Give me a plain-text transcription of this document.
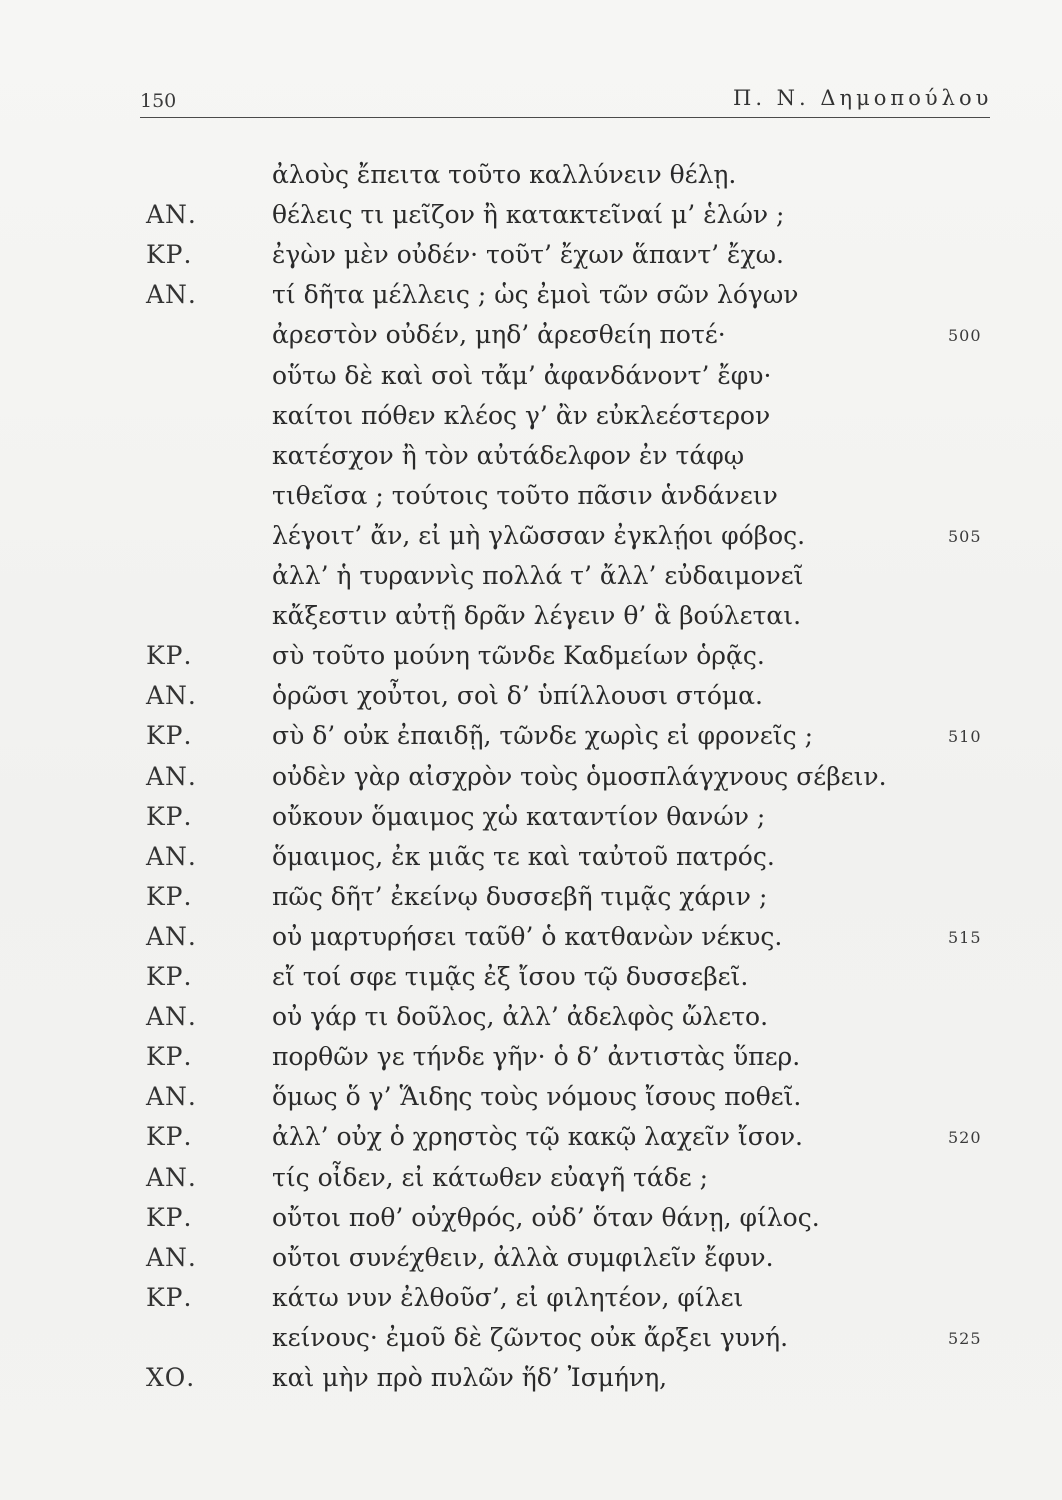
150	Π. Ν. Δημοπούλου
ἀλοὺς ἔπειτα τοῦτο καλλύνειν θέλῃ.
ΑΝ.	θέλεις τι μεῖζον ἢ κατακτεῖναί μ’ ἑλών ;
ΚΡ.	ἐγὼν μὲν οὐδέν· τοῦτ’ ἔχων ἅπαντ’ ἔχω.
ΑΝ.	τί δῆτα μέλλεις ; ὡς ἐμοὶ τῶν σῶν λόγων
ἀρεστὸν οὐδέν, μηδ’ ἀρεσθείη ποτέ·	500
οὕτω δὲ καὶ σοὶ τἄμ’ ἀφανδάνοντ’ ἔφυ·
καίτοι πόθεν κλέος γ’ ἂν εὐκλεέστερον
κατέσχον ἢ τὸν αὐτάδελφον ἐν τάφῳ
τιθεῖσα ; τούτοις τοῦτο πᾶσιν ἁνδάνειν
λέγοιτ’ ἄν, εἰ μὴ γλῶσσαν ἐγκλῄοι φόβος.	505
ἀλλ’ ἡ τυραννὶς πολλά τ’ ἄλλ’ εὐδαιμονεῖ
κἄξεστιν αὐτῇ δρᾶν λέγειν θ’ ἃ βούλεται.
ΚΡ.	σὺ τοῦτο μούνη τῶνδε Καδμείων ὁρᾷς.
ΑΝ.	ὁρῶσι χοὖτοι, σοὶ δ’ ὑπίλλουσι στόμα.
ΚΡ.	σὺ δ’ οὐκ ἐπαιδῇ, τῶνδε χωρὶς εἰ φρονεῖς ;	510
ΑΝ.	οὐδὲν γὰρ αἰσχρὸν τοὺς ὁμοσπλάγχνους σέβειν.
ΚΡ.	οὔκουν ὅμαιμος χὡ καταντίον θανών ;
ΑΝ.	ὅμαιμος, ἐκ μιᾶς τε καὶ ταὐτοῦ πατρός.
ΚΡ.	πῶς δῆτ’ ἐκείνῳ δυσσεβῆ τιμᾷς χάριν ;
ΑΝ.	οὐ μαρτυρήσει ταῦθ’ ὁ κατθανὼν νέκυς.	515
ΚΡ.	εἴ τοί σφε τιμᾷς ἐξ ἴσου τῷ δυσσεβεῖ.
ΑΝ.	οὐ γάρ τι δοῦλος, ἀλλ’ ἀδελφὸς ὤλετο.
ΚΡ.	πορθῶν γε τήνδε γῆν· ὁ δ’ ἀντιστὰς ὕπερ.
ΑΝ.	ὅμως ὅ γ’ Ἅιδης τοὺς νόμους ἴσους ποθεῖ.
ΚΡ.	ἀλλ’ οὐχ ὁ χρηστὸς τῷ κακῷ λαχεῖν ἴσον.	520
ΑΝ.	τίς οἶδεν, εἰ κάτωθεν εὐαγῆ τάδε ;
ΚΡ.	οὔτοι ποθ’ οὐχθρός, οὐδ’ ὅταν θάνῃ, φίλος.
ΑΝ.	οὔτοι συνέχθειν, ἀλλὰ συμφιλεῖν ἔφυν.
ΚΡ.	κάτω νυν ἐλθοῦσ’, εἰ φιλητέον, φίλει
κείνους· ἐμοῦ δὲ ζῶντος οὐκ ἄρξει γυνή.	525
ΧΟ.	καὶ μὴν πρὸ πυλῶν ἥδ’ Ἰσμήνη,
